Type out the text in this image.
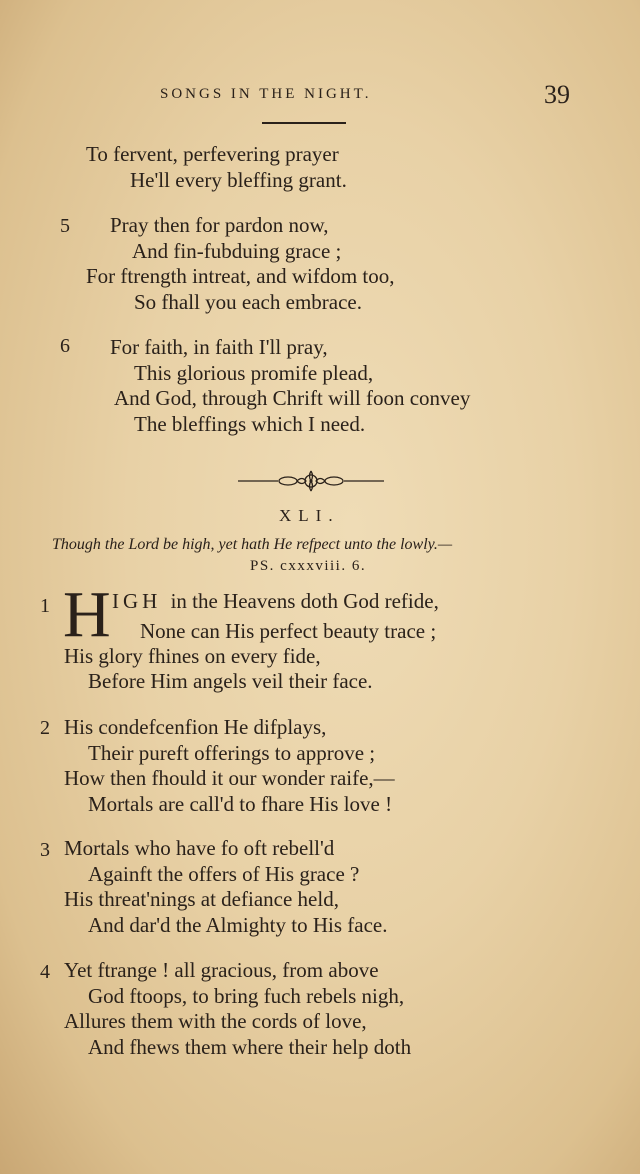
SONGS IN THE NIGHT.	39
To fervent, perfevering prayer
He'll every bleffing grant.
5 Pray then for pardon now,
And fin-fubduing grace ;
For ftrength intreat, and wifdom too,
So fhall you each embrace.
6 For faith, in faith I'll pray,
This glorious promife plead,
And God, through Chrift will foon convey
The bleffings which I need.
XLI.
Though the Lord be high, yet hath He refpect unto the lowly.—
PS. cxxxviii. 6.
1 H IGH in the Heavens doth God refide,
None can His perfect beauty trace ;
His glory fhines on every fide,
Before Him angels veil their face.
2 His condefcenfion He difplays,
Their pureft offerings to approve ;
How then fhould it our wonder raife,—
Mortals are call'd to fhare His love !
3 Mortals who have fo oft rebell'd
Againft the offers of His grace ?
His threat'nings at defiance held,
And dar'd the Almighty to His face.
4 Yet ftrange ! all gracious, from above
God ftoops, to bring fuch rebels nigh,
Allures them with the cords of love,
And fhews them where their help doth
